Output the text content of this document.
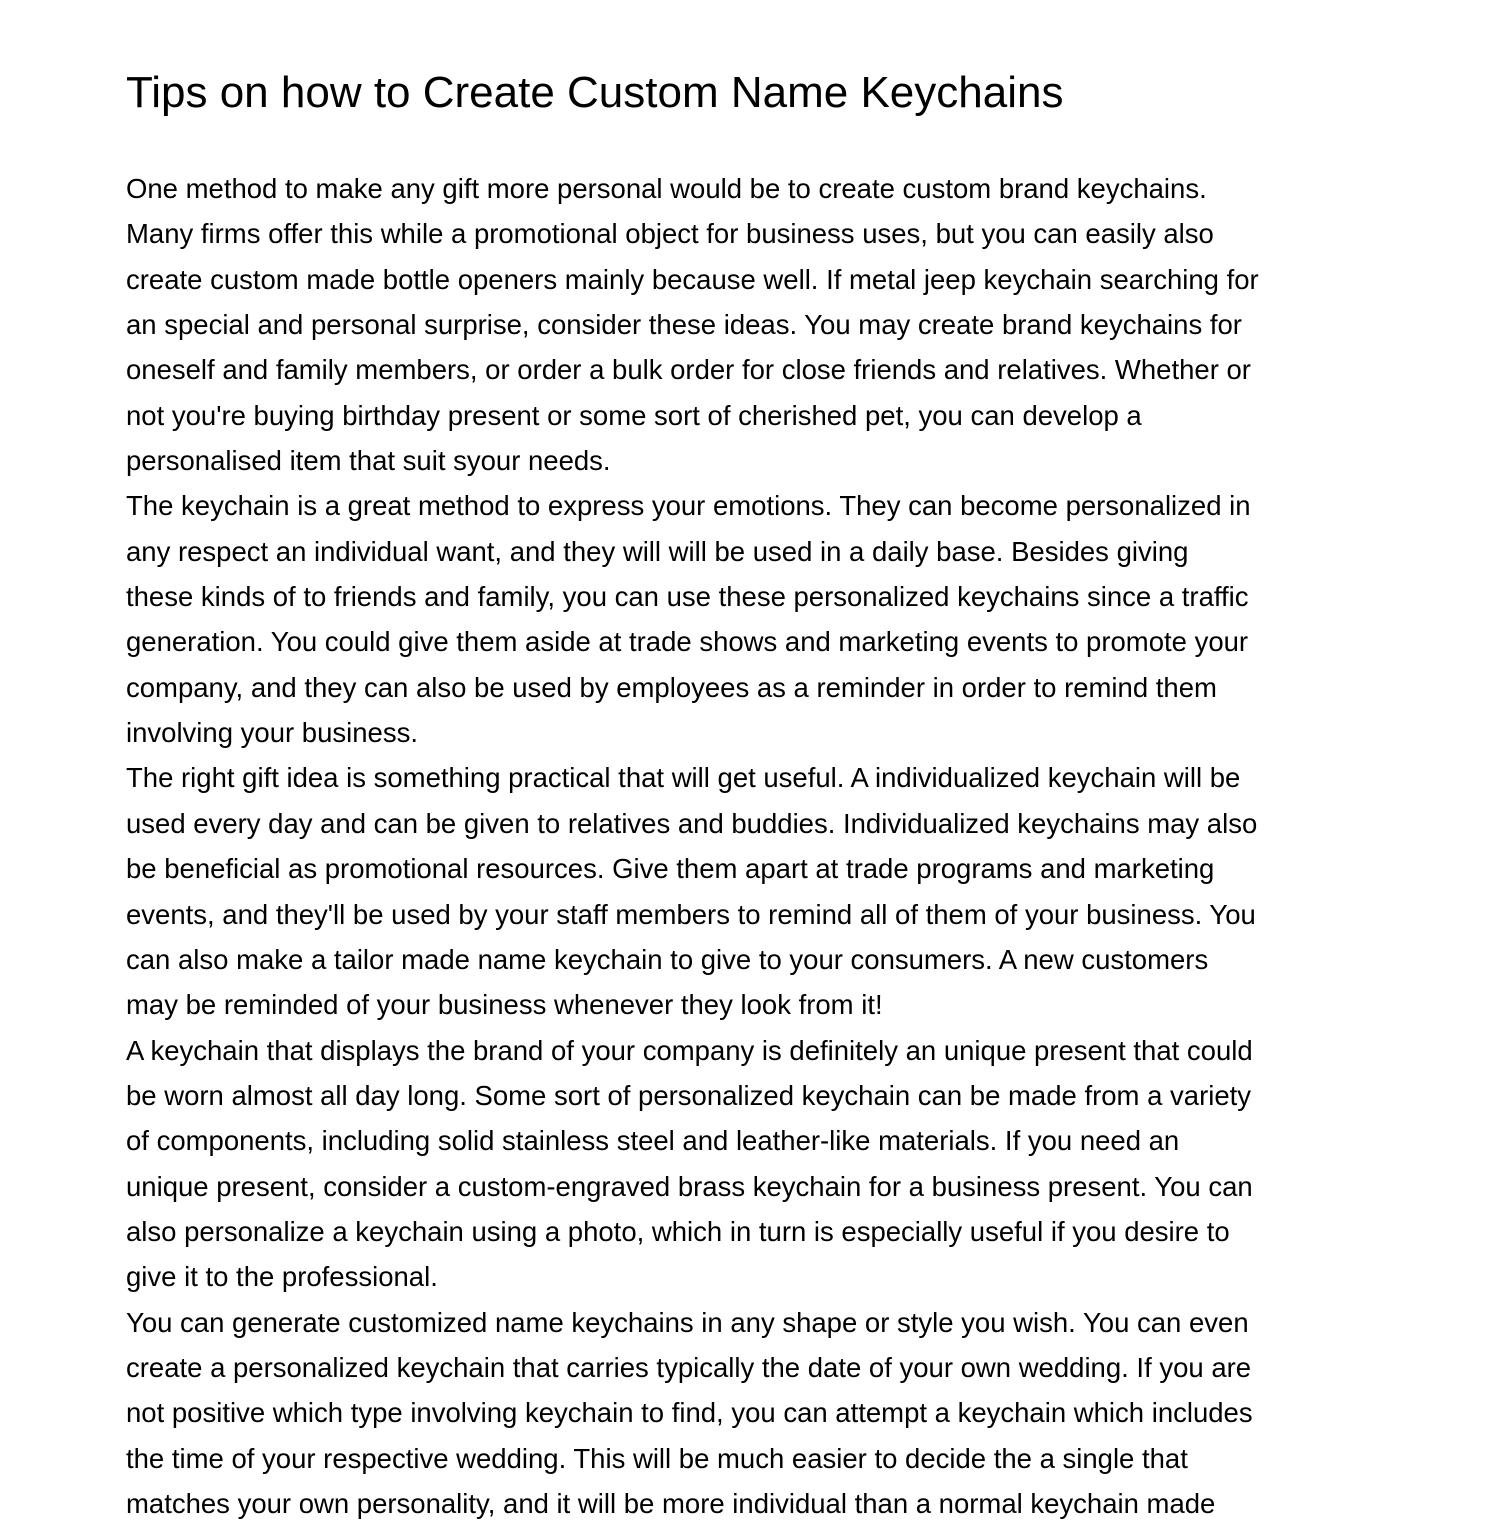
Tips on how to Create Custom Name Keychains

One method to make any gift more personal would be to create custom brand keychains.
Many firms offer this while a promotional object for business uses, but you can easily also
create custom made bottle openers mainly because well. If metal jeep keychain searching for
an special and personal surprise, consider these ideas. You may create brand keychains for
oneself and family members, or order a bulk order for close friends and relatives. Whether or
not you're buying birthday present or some sort of cherished pet, you can develop a
personalised item that suit syour needs.

The keychain is a great method to express your emotions. They can become personalized in
any respect an individual want, and they will will be used in a daily base. Besides giving
these kinds of to friends and family, you can use these personalized keychains since a traffic
generation. You could give them aside at trade shows and marketing events to promote your
company, and they can also be used by employees as a reminder in order to remind them
involving your business.

The right gift idea is something practical that will get useful. A individualized keychain will be
used every day and can be given to relatives and buddies. Individualized keychains may also
be beneficial as promotional resources. Give them apart at trade programs and marketing
events, and they'll be used by your staff members to remind all of them of your business. You
can also make a tailor made name keychain to give to your consumers. A new customers
may be reminded of your business whenever they look from it!

A keychain that displays the brand of your company is definitely an unique present that could
be worn almost all day long. Some sort of personalized keychain can be made from a variety
of components, including solid stainless steel and leather-like materials. If you need an
unique present, consider a custom-engraved brass keychain for a business present. You can
also personalize a keychain using a photo, which in turn is especially useful if you desire to
give it to the professional.

You can generate customized name keychains in any shape or style you wish. You can even
create a personalized keychain that carries typically the date of your own wedding. If you are
not positive which type involving keychain to find, you can attempt a keychain which includes
the time of your respective wedding. This will be much easier to decide the a single that
matches your own personality, and it will be more individual than a normal keychain made
